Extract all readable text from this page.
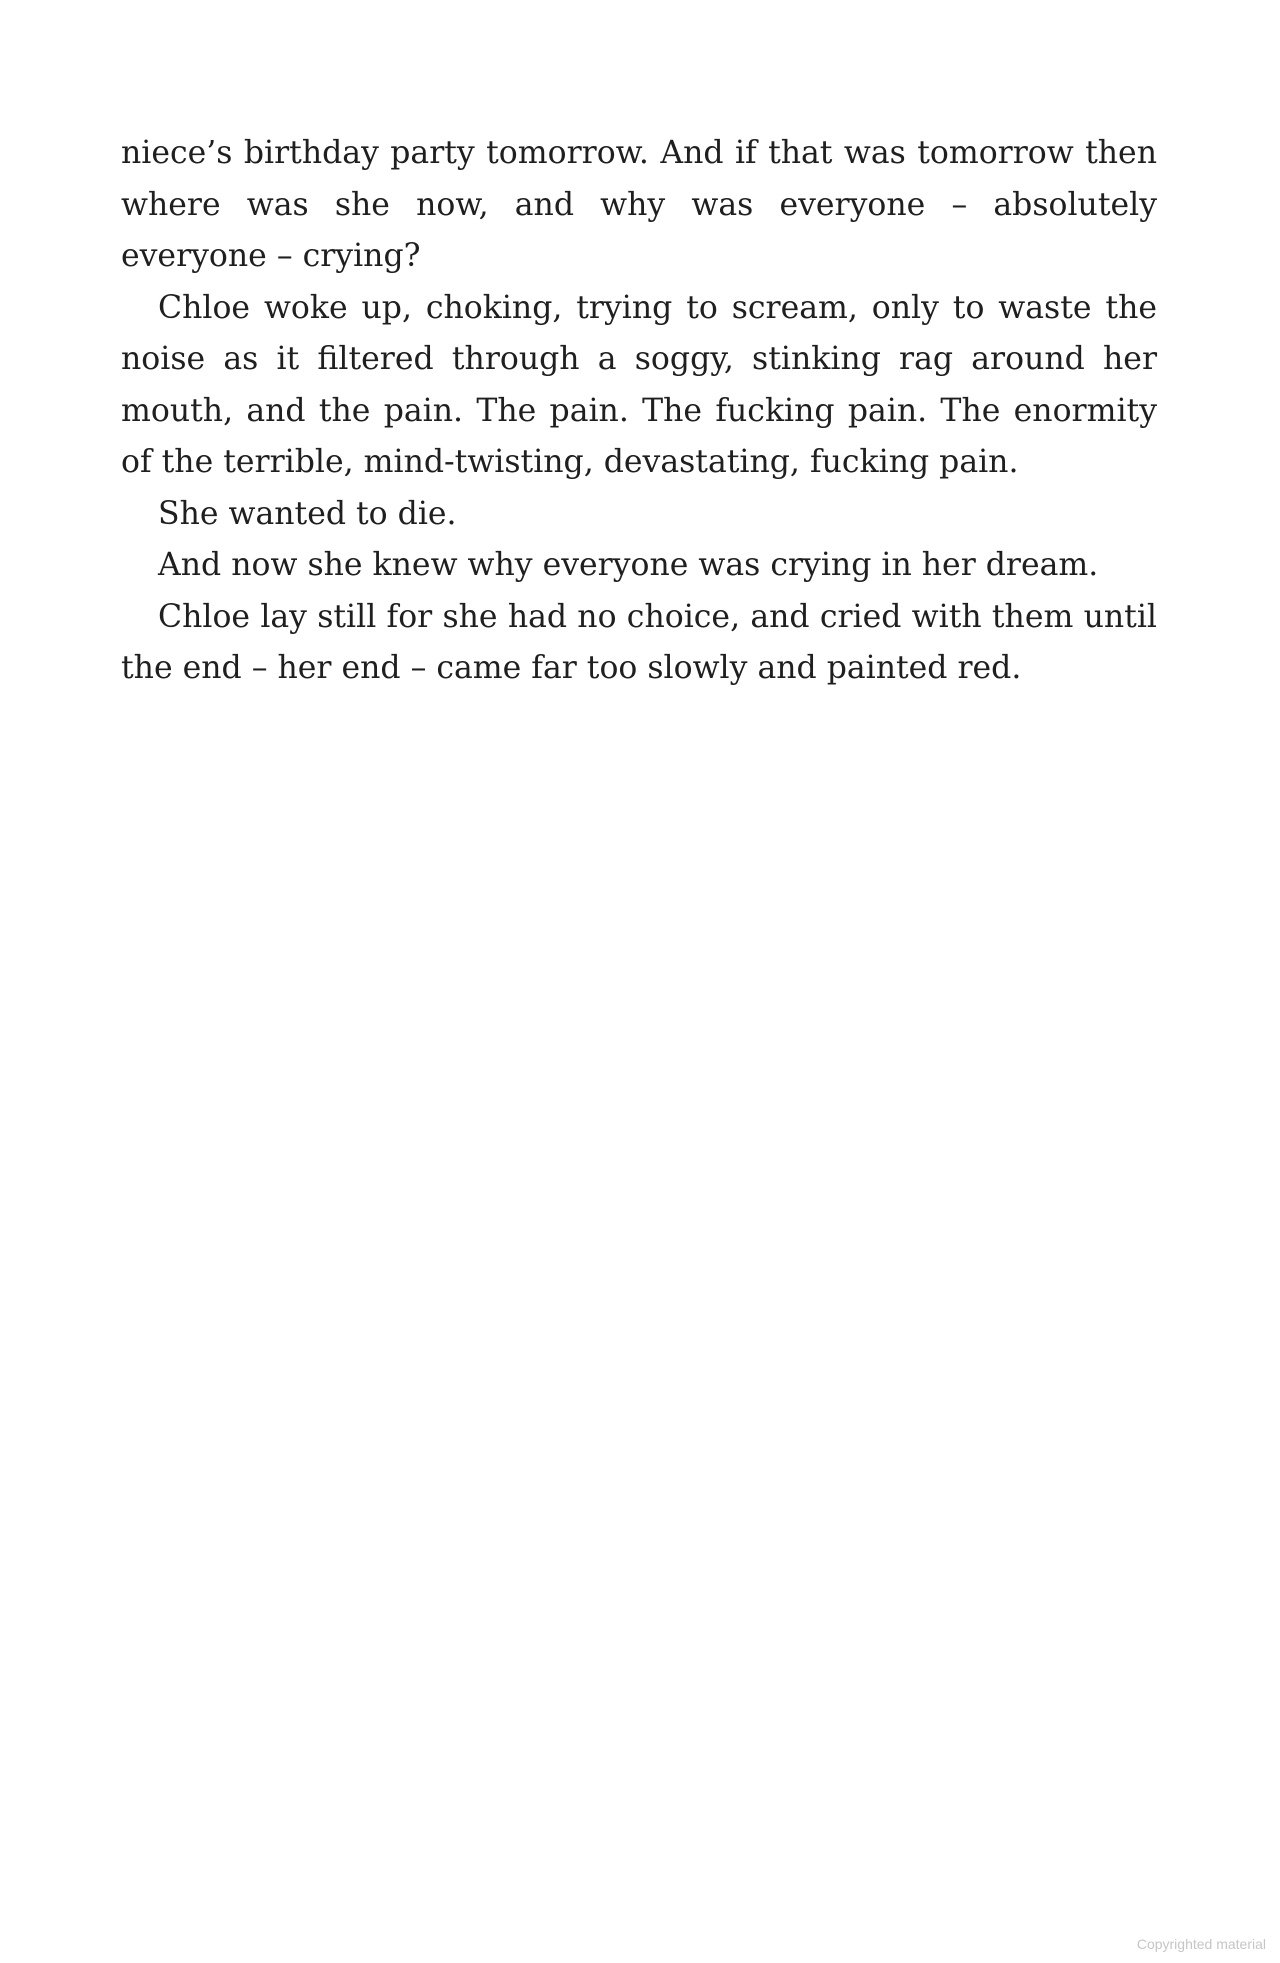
niece’s birthday party tomorrow. And if that was tomorrow then where was she now, and why was everyone – absolutely everyone – crying?

Chloe woke up, choking, trying to scream, only to waste the noise as it filtered through a soggy, stinking rag around her mouth, and the pain. The pain. The fucking pain. The enormity of the terrible, mind-twisting, devastating, fucking pain.

She wanted to die.

And now she knew why everyone was crying in her dream.

Chloe lay still for she had no choice, and cried with them until the end – her end – came far too slowly and painted red.

Copyrighted material
